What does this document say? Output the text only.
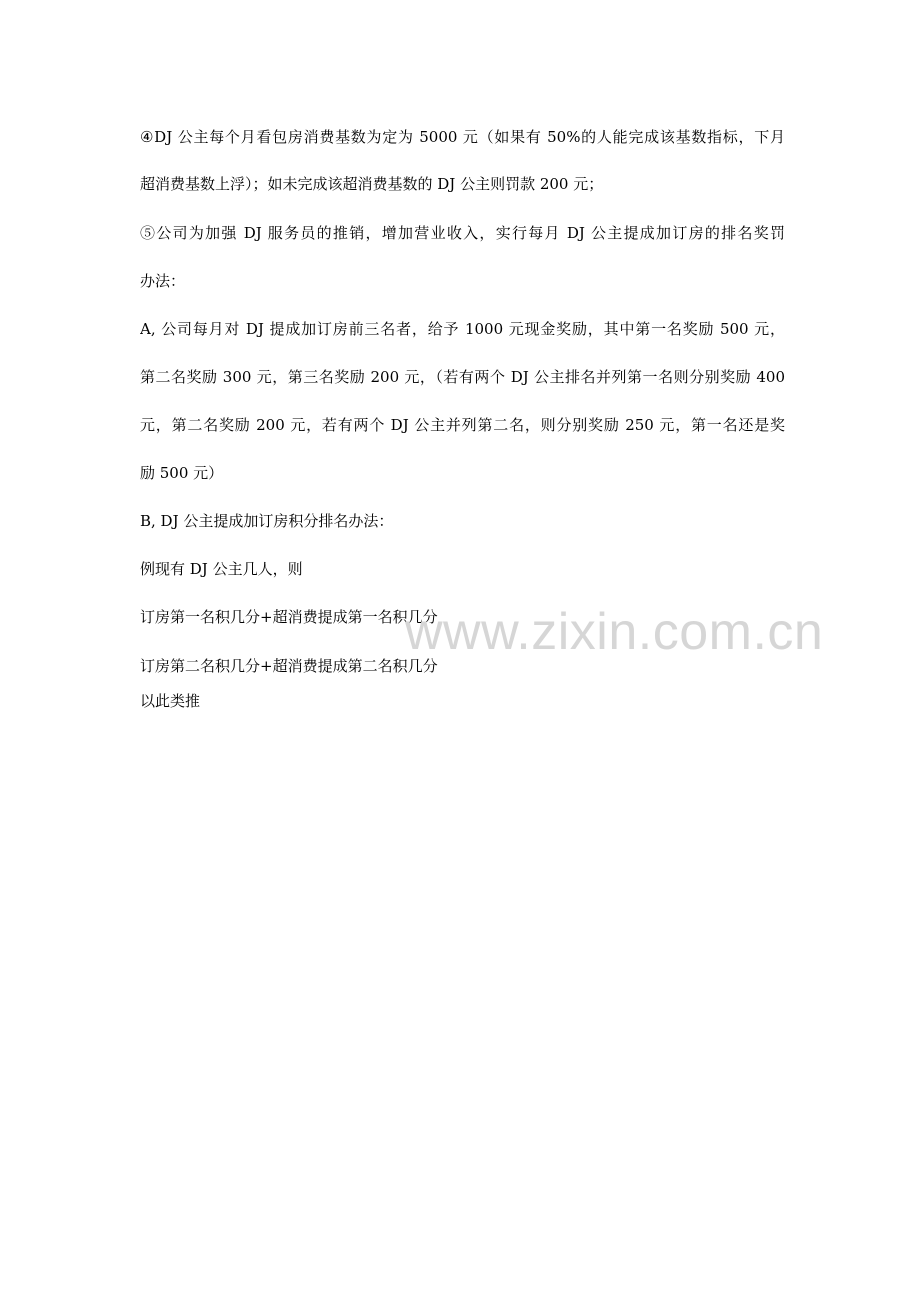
④DJ 公主每个月看包房消费基数为定为 5000 元（如果有 50%的人能完成该基数指标，下月
超消费基数上浮）；如未完成该超消费基数的 DJ 公主则罚款 200 元；
⑤公司为加强 DJ 服务员的推销，增加营业收入，实行每月 DJ 公主提成加订房的排名奖罚
办法：
A, 公司每月对 DJ 提成加订房前三名者，给予 1000 元现金奖励，其中第一名奖励 500 元，
第二名奖励 300 元，第三名奖励 200 元，（若有两个 DJ 公主排名并列第一名则分别奖励 400
元，第二名奖励 200 元，若有两个 DJ 公主并列第二名，则分别奖励 250 元，第一名还是奖
励 500 元）
B, DJ 公主提成加订房积分排名办法：
例现有 DJ 公主几人，则
订房第一名积几分+超消费提成第一名积几分
订房第二名积几分+超消费提成第二名积几分
以此类推
www.zixin.com.cn
